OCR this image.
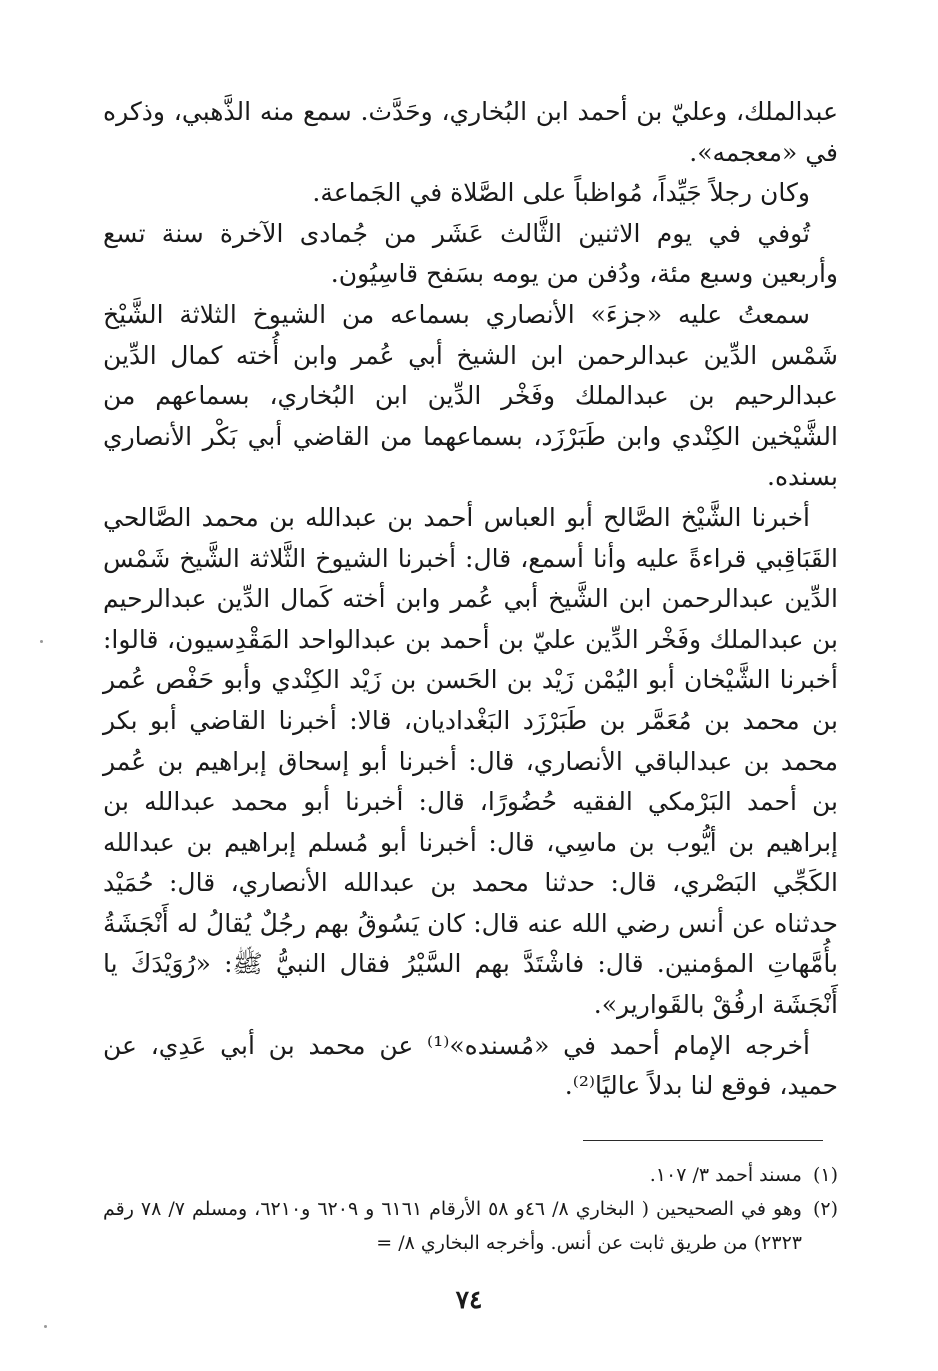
عبدالملك، وعليّ بن أحمد ابن البُخاري، وحَدَّث. سمع منه الذَّهبي، وذكره في «معجمه».

وكان رجلاً جَيِّداً، مُواظباً على الصَّلاة في الجَماعة.

تُوفي في يوم الاثنين الثَّالث عَشَر من جُمادى الآخرة سنة تسع وأربعين وسبع مئة، ودُفن من يومه بسَفح قاسِيُون.

سمعتُ عليه «جزءَ» الأنصاري بسماعه من الشيوخ الثلاثة الشَّيْخ شَمْس الدِّين عبدالرحمن ابن الشيخ أبي عُمر وابن أُخته كمال الدِّين عبدالرحيم بن عبدالملك وفَخْر الدِّين ابن البُخاري، بسماعهم من الشَّيْخين الكِنْدي وابن طَبَرْزَد، بسماعهما من القاضي أبي بَكْر الأنصاري بسنده.

أخبرنا الشَّيْخ الصَّالح أبو العباس أحمد بن عبدالله بن محمد الصَّالحي القَبَاقِبي قراءةً عليه وأنا أسمع، قال: أخبرنا الشيوخ الثَّلاثة الشَّيخ شَمْس الدِّين عبدالرحمن ابن الشَّيخ أبي عُمر وابن أخته كَمال الدِّين عبدالرحيم بن عبدالملك وفَخْر الدِّين عليّ بن أحمد بن عبدالواحد المَقْدِسيون، قالوا: أخبرنا الشَّيْخان أبو اليُمْن زَيْد بن الحَسن بن زَيْد الكِنْدي وأبو حَفْص عُمر بن محمد بن مُعَمَّر بن طَبَرْزَد البَغْداديان، قالا: أخبرنا القاضي أبو بكر محمد بن عبدالباقي الأنصاري، قال: أخبرنا أبو إسحاق إبراهيم بن عُمر بن أحمد البَرْمكي الفقيه حُضُورًا، قال: أخبرنا أبو محمد عبدالله بن إبراهيم بن أيُّوب بن ماسِي، قال: أخبرنا أبو مُسلم إبراهيم بن عبدالله الكَجِّي البَصْري، قال: حدثنا محمد بن عبدالله الأنصاري، قال: حُمَيْد حدثناه عن أنس رضي الله عنه قال: كان يَسُوقُ بهم رجُلٌ يُقالُ له أَنْجَشَةُ بأُمَّهاتِ المؤمنين. قال: فاشْتَدَّ بهم السَّيْرُ فقال النبيُّ ﷺ: «رُوَيْدَكَ يا أَنْجَشَة ارفُقْ بالقَوارير».

أخرجه الإمام أحمد في «مُسنده»⁽¹⁾ عن محمد بن أبي عَدِي، عن حميد، فوقع لنا بدلاً عاليًا⁽²⁾.

(١)
مسند أحمد ٣/ ١٠٧.
(٢)
وهو في الصحيحين ( البخاري ٨/ ٤٦و ٥٨ الأرقام ٦١٦١ و ٦٢٠٩ و٦٢١٠، ومسلم ٧/ ٧٨ رقم ٢٣٢٣) من طريق ثابت عن أنس. وأخرجه البخاري ٨/ =
٧٤
